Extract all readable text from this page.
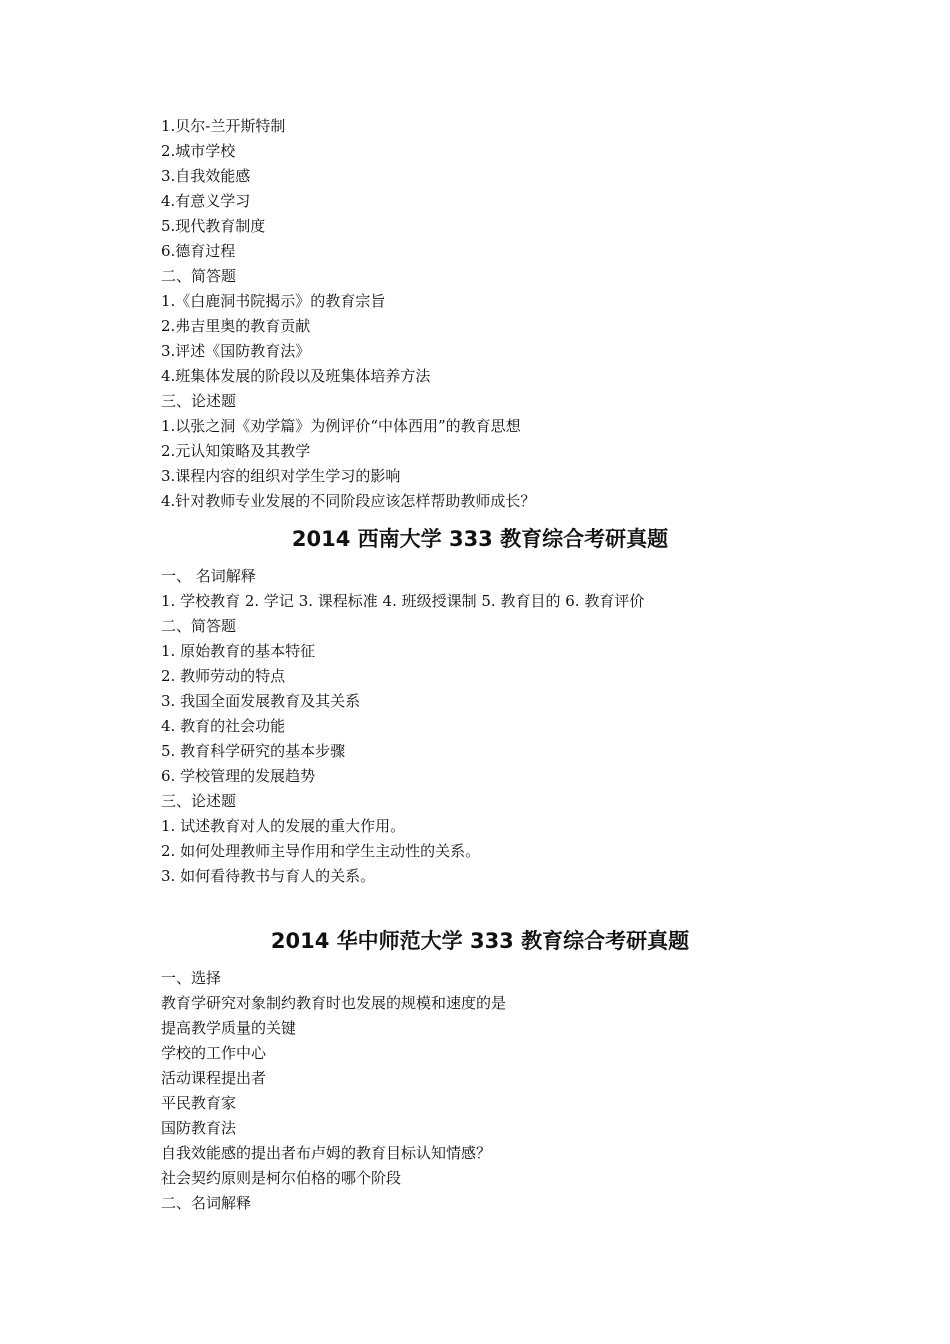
1.贝尔-兰开斯特制
2.城市学校
3.自我效能感
4.有意义学习
5.现代教育制度
6.德育过程
二、简答题
1.《白鹿洞书院揭示》的教育宗旨
2.弗吉里奥的教育贡献
3.评述《国防教育法》
4.班集体发展的阶段以及班集体培养方法
三、论述题
1.以张之洞《劝学篇》为例评价“中体西用”的教育思想
2.元认知策略及其教学
3.课程内容的组织对学生学习的影响
4.针对教师专业发展的不同阶段应该怎样帮助教师成长？
2014 西南大学 333 教育综合考研真题
一、 名词解释
1. 学校教育 2. 学记 3. 课程标准 4. 班级授课制 5. 教育目的 6. 教育评价
二、简答题
1. 原始教育的基本特征
2. 教师劳动的特点
3. 我国全面发展教育及其关系
4. 教育的社会功能
5. 教育科学研究的基本步骤
6. 学校管理的发展趋势
三、论述题
1. 试述教育对人的发展的重大作用。
2. 如何处理教师主导作用和学生主动性的关系。
3. 如何看待教书与育人的关系。
2014 华中师范大学 333 教育综合考研真题
一、选择
教育学研究对象制约教育时也发展的规模和速度的是
提高教学质量的关键
学校的工作中心
活动课程提出者
平民教育家
国防教育法
自我效能感的提出者布卢姆的教育目标认知情感？
社会契约原则是柯尔伯格的哪个阶段
二、名词解释
